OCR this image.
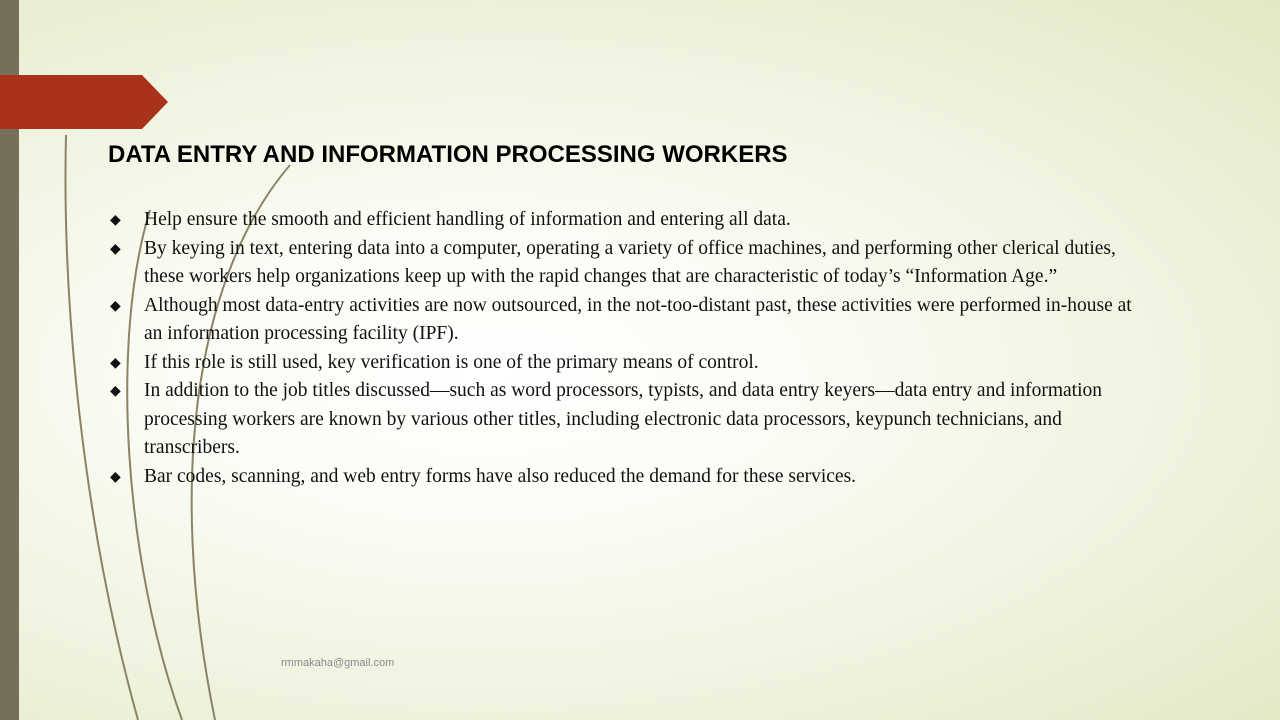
DATA ENTRY AND INFORMATION PROCESSING WORKERS
◆ Help ensure the smooth and efficient handling of information and entering all data.
◆ By keying in text, entering data into a computer, operating a variety of office machines, and performing other clerical duties, these workers help organizations keep up with the rapid changes that are characteristic of today’s “Information Age.”
◆ Although most data-entry activities are now outsourced, in the not-too-distant past, these activities were performed in-house at an information processing facility (IPF).
◆ If this role is still used, key verification is one of the primary means of control.
◆ In addition to the job titles discussed—such as word processors, typists, and data entry keyers—data entry and information processing workers are known by various other titles, including electronic data processors, keypunch technicians, and transcribers.
◆ Bar codes, scanning, and web entry forms have also reduced the demand for these services.
rmmakaha@gmail.com
